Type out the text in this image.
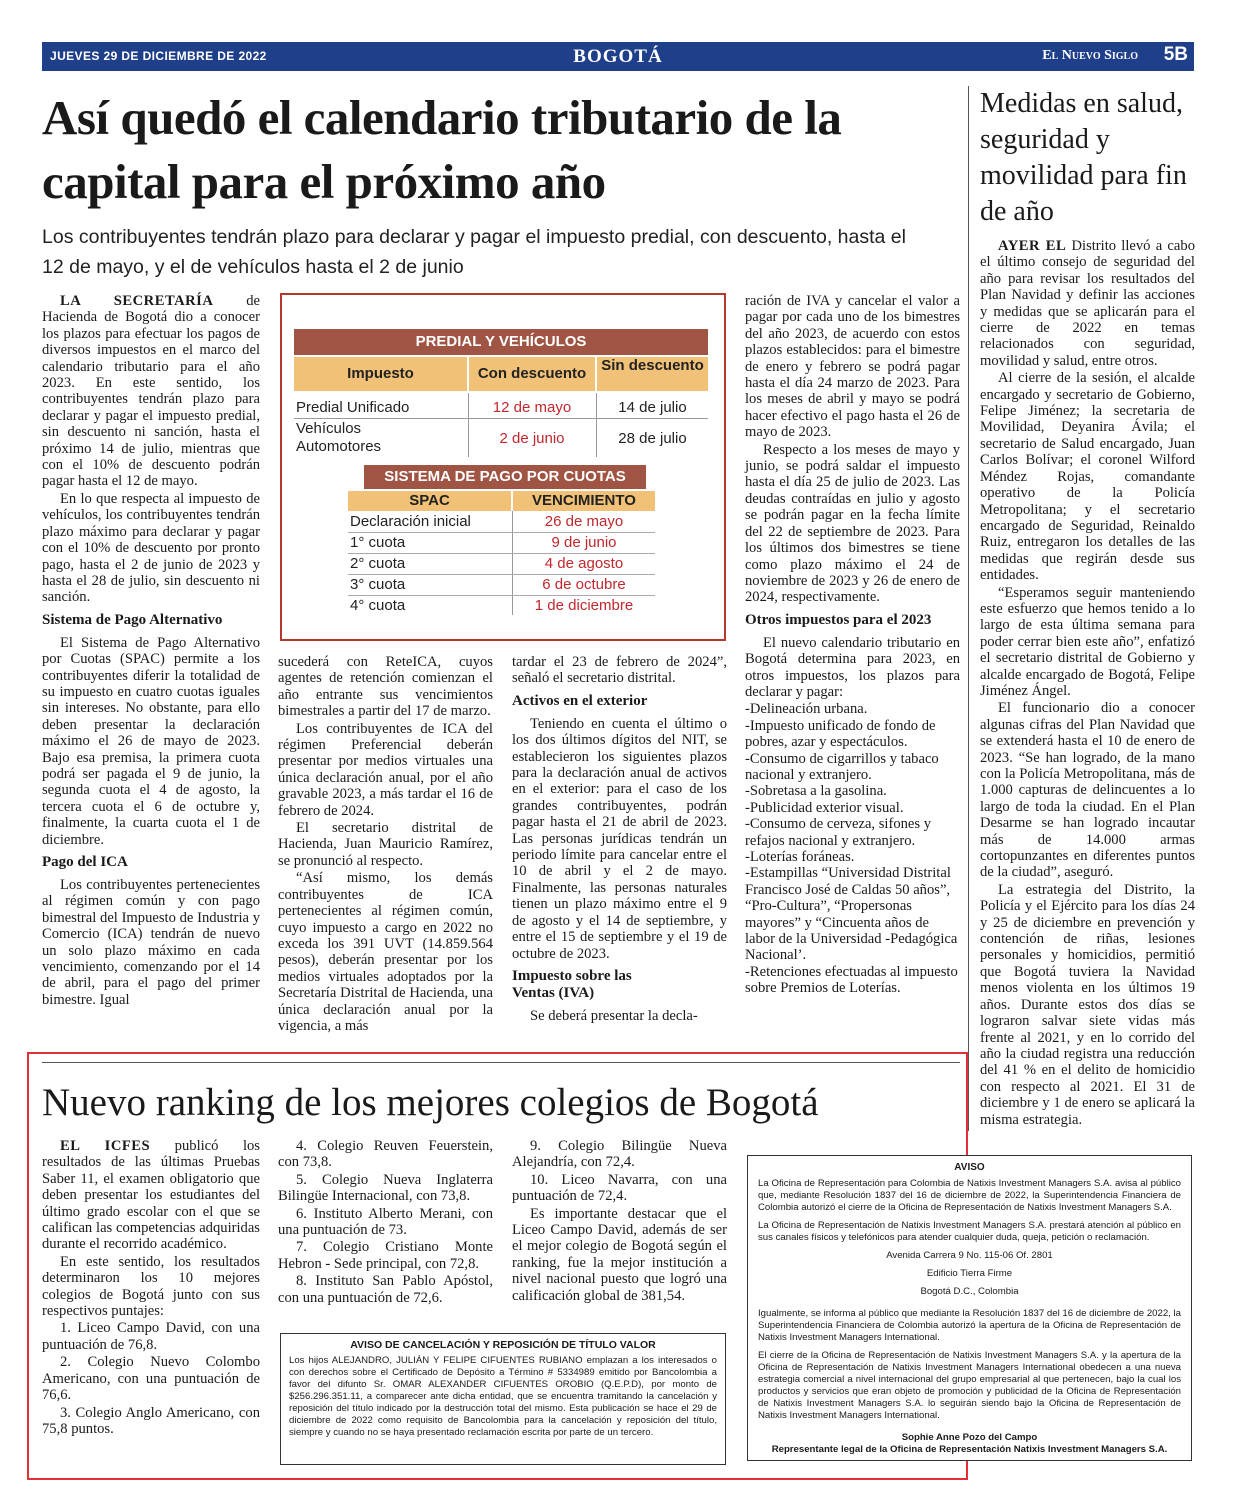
JUEVES 29 DE DICIEMBRE DE 2022	BOGOTÁ	El Nuevo Siglo 5B
Así quedó el calendario tributario de la capital para el próximo año
Los contribuyentes tendrán plazo para declarar y pagar el impuesto predial, con descuento, hasta el 12 de mayo, y el de vehículos hasta el 2 de junio

LA SECRETARÍA de Hacienda de Bogotá dio a conocer los plazos para efectuar los pagos de diversos impuestos en el marco del calendario tributario para el año 2023. En este sentido, los contribuyentes tendrán plazo para declarar y pagar el impuesto predial, sin descuento ni sanción, hasta el próximo 14 de julio, mientras que con el 10% de descuento podrán pagar hasta el 12 de mayo.

En lo que respecta al impuesto de vehículos, los contribuyentes tendrán plazo máximo para declarar y pagar con el 10% de descuento por pronto pago, hasta el 2 de junio de 2023 y hasta el 28 de julio, sin descuento ni sanción.

Sistema de Pago Alternativo

El Sistema de Pago Alternativo por Cuotas (SPAC) permite a los contribuyentes diferir la totalidad de su impuesto en cuatro cuotas iguales sin intereses. No obstante, para ello deben presentar la declaración máximo el 26 de mayo de 2023. Bajo esa premisa, la primera cuota podrá ser pagada el 9 de junio, la segunda cuota el 4 de agosto, la tercera cuota el 6 de octubre y, finalmente, la cuarta cuota el 1 de diciembre.

Pago del ICA

Los contribuyentes pertenecientes al régimen común y con pago bimestral del Impuesto de Industria y Comercio (ICA) tendrán de nuevo un solo plazo máximo en cada vencimiento, comenzando por el 14 de abril, para el pago del primer bimestre. Igual

PREDIAL Y VEHÍCULOS
Impuesto	Con descuento	Sin descuento
Predial Unificado	12 de mayo	14 de julio
Vehículos Automotores	2 de junio	28 de julio
SISTEMA DE PAGO POR CUOTAS
SPAC	VENCIMIENTO
Declaración inicial	26 de mayo
1° cuota	9 de junio
2° cuota	4 de agosto
3° cuota	6 de octubre
4° cuota	1 de diciembre

sucederá con ReteICA, cuyos agentes de retención comienzan el año entrante sus vencimientos bimestrales a partir del 17 de marzo.

Los contribuyentes de ICA del régimen Preferencial deberán presentar por medios virtuales una única declaración anual, por el año gravable 2023, a más tardar el 16 de febrero de 2024.

El secretario distrital de Hacienda, Juan Mauricio Ramírez, se pronunció al respecto.

“Así mismo, los demás contribuyentes de ICA pertenecientes al régimen común, cuyo impuesto a cargo en 2022 no exceda los 391 UVT (14.859.564 pesos), deberán presentar por los medios virtuales adoptados por la Secretaría Distrital de Hacienda, una única declaración anual por la vigencia, a más

tardar el 23 de febrero de 2024”, señaló el secretario distrital.

Activos en el exterior

Teniendo en cuenta el último o los dos últimos dígitos del NIT, se establecieron los siguientes plazos para la declaración anual de activos en el exterior: para el caso de los grandes contribuyentes, podrán pagar hasta el 21 de abril de 2023. Las personas jurídicas tendrán un periodo límite para cancelar entre el 10 de abril y el 2 de mayo. Finalmente, las personas naturales tienen un plazo máximo entre el 9 de agosto y el 14 de septiembre, y entre el 15 de septiembre y el 19 de octubre de 2023.

Impuesto sobre las Ventas (IVA)

Se deberá presentar la decla-

ración de IVA y cancelar el valor a pagar por cada uno de los bimestres del año 2023, de acuerdo con estos plazos establecidos: para el bimestre de enero y febrero se podrá pagar hasta el día 24 marzo de 2023. Para los meses de abril y mayo se podrá hacer efectivo el pago hasta el 26 de mayo de 2023.

Respecto a los meses de mayo y junio, se podrá saldar el impuesto hasta el día 25 de julio de 2023. Las deudas contraídas en julio y agosto se podrán pagar en la fecha límite del 22 de septiembre de 2023. Para los últimos dos bimestres se tiene como plazo máximo el 24 de noviembre de 2023 y 26 de enero de 2024, respectivamente.

Otros impuestos para el 2023

El nuevo calendario tributario en Bogotá determina para 2023, en otros impuestos, los plazos para declarar y pagar:

-Delineación urbana.
-Impuesto unificado de fondo de pobres, azar y espectáculos.
-Consumo de cigarrillos y tabaco nacional y extranjero.
-Sobretasa a la gasolina.
-Publicidad exterior visual.
-Consumo de cerveza, sifones y refajos nacional y extranjero.
-Loterías foráneas.
-Estampillas “Universidad Distrital Francisco José de Caldas 50 años”, “Pro-Cultura”, “Propersonas mayores” y “Cincuenta años de labor de la Universidad -Pedagógica Nacional’.
-Retenciones efectuadas al impuesto sobre Premios de Loterías.
Medidas en salud, seguridad y movilidad para fin de año

AYER EL Distrito llevó a cabo el último consejo de seguridad del año para revisar los resultados del Plan Navidad y definir las acciones y medidas que se aplicarán para el cierre de 2022 en temas relacionados con seguridad, movilidad y salud, entre otros.

Al cierre de la sesión, el alcalde encargado y secretario de Gobierno, Felipe Jiménez; la secretaria de Movilidad, Deyanira Ávila; el secretario de Salud encargado, Juan Carlos Bolívar; el coronel Wilford Méndez Rojas, comandante operativo de la Policía Metropolitana; y el secretario encargado de Seguridad, Reinaldo Ruiz, entregaron los detalles de las medidas que regirán desde sus entidades.

“Esperamos seguir manteniendo este esfuerzo que hemos tenido a lo largo de esta última semana para poder cerrar bien este año”, enfatizó el secretario distrital de Gobierno y alcalde encargado de Bogotá, Felipe Jiménez Ángel.

El funcionario dio a conocer algunas cifras del Plan Navidad que se extenderá hasta el 10 de enero de 2023. “Se han logrado, de la mano con la Policía Metropolitana, más de 1.000 capturas de delincuentes a lo largo de toda la ciudad. En el Plan Desarme se han logrado incautar más de 14.000 armas cortopunzantes en diferentes puntos de la ciudad”, aseguró.

La estrategia del Distrito, la Policía y el Ejército para los días 24 y 25 de diciembre en prevención y contención de riñas, lesiones personales y homicidios, permitió que Bogotá tuviera la Navidad menos violenta en los últimos 19 años. Durante estos dos días se lograron salvar siete vidas más frente al 2021, y en lo corrido del año la ciudad registra una reducción del 41 % en el delito de homicidio con respecto al 2021. El 31 de diciembre y 1 de enero se aplicará la misma estrategia.

Nuevo ranking de los mejores colegios de Bogotá

EL ICFES publicó los resultados de las últimas Pruebas Saber 11, el examen obligatorio que deben presentar los estudiantes del último grado escolar con el que se califican las competencias adquiridas durante el recorrido académico.

En este sentido, los resultados determinaron los 10 mejores colegios de Bogotá junto con sus respectivos puntajes:

1. Liceo Campo David, con una puntuación de 76,8.

2. Colegio Nuevo Colombo Americano, con una puntuación de 76,6.

3. Colegio Anglo Americano, con 75,8 puntos.

4. Colegio Reuven Feuerstein, con 73,8.

5. Colegio Nueva Inglaterra Bilingüe Internacional, con 73,8.

6. Instituto Alberto Merani, con una puntuación de 73.

7. Colegio Cristiano Monte Hebron - Sede principal, con 72,8.

8. Instituto San Pablo Apóstol, con una puntuación de 72,6.

9. Colegio Bilingüe Nueva Alejandría, con 72,4.

10. Liceo Navarra, con una puntuación de 72,4.

Es importante destacar que el Liceo Campo David, además de ser el mejor colegio de Bogotá según el ranking, fue la mejor institución a nivel nacional puesto que logró una calificación global de 381,54.

AVISO DE CANCELACIÓN Y REPOSICIÓN DE TÍTULO VALOR

Los hijos ALEJANDRO, JULIÁN Y FELIPE CIFUENTES RUBIANO emplazan a los interesados o con derechos sobre el Certificado de Depósito a Término # 5334989 emitido por Bancolombia a favor del difunto Sr. OMAR ALEXANDER CIFUENTES OROBIO (Q.E.P.D), por monto de $256.296.351.11, a comparecer ante dicha entidad, que se encuentra tramitando la cancelación y reposición del título indicado por la destrucción total del mismo. Esta publicación se hace el 29 de diciembre de 2022 como requisito de Bancolombia para la cancelación y reposición del título, siempre y cuando no se haya presentado reclamación escrita por parte de un tercero.

AVISO

La Oficina de Representación para Colombia de Natixis Investment Managers S.A. avisa al público que, mediante Resolución 1837 del 16 de diciembre de 2022, la Superintendencia Financiera de Colombia autorizó el cierre de la Oficina de Representación de Natixis Investment Managers S.A.

La Oficina de Representación de Natixis Investment Managers S.A. prestará atención al público en sus canales físicos y telefónicos para atender cualquier duda, queja, petición o reclamación.

Avenida Carrera 9 No. 115-06 Of. 2801

Edificio Tierra Firme

Bogotá D.C., Colombia

Igualmente, se informa al público que mediante la Resolución 1837 del 16 de diciembre de 2022, la Superintendencia Financiera de Colombia autorizó la apertura de la Oficina de Representación de Natixis Investment Managers International.

El cierre de la Oficina de Representación de Natixis Investment Managers S.A. y la apertura de la Oficina de Representación de Natixis Investment Managers International obedecen a una nueva estrategia comercial a nivel internacional del grupo empresarial al que pertenecen, bajo la cual los productos y servicios que eran objeto de promoción y publicidad de la Oficina de Representación de Natixis Investment Managers S.A. lo seguirán siendo bajo la Oficina de Representación de Natixis Investment Managers International.

Sophie Anne Pozo del Campo

Representante legal de la Oficina de Representación Natixis Investment Managers S.A.
